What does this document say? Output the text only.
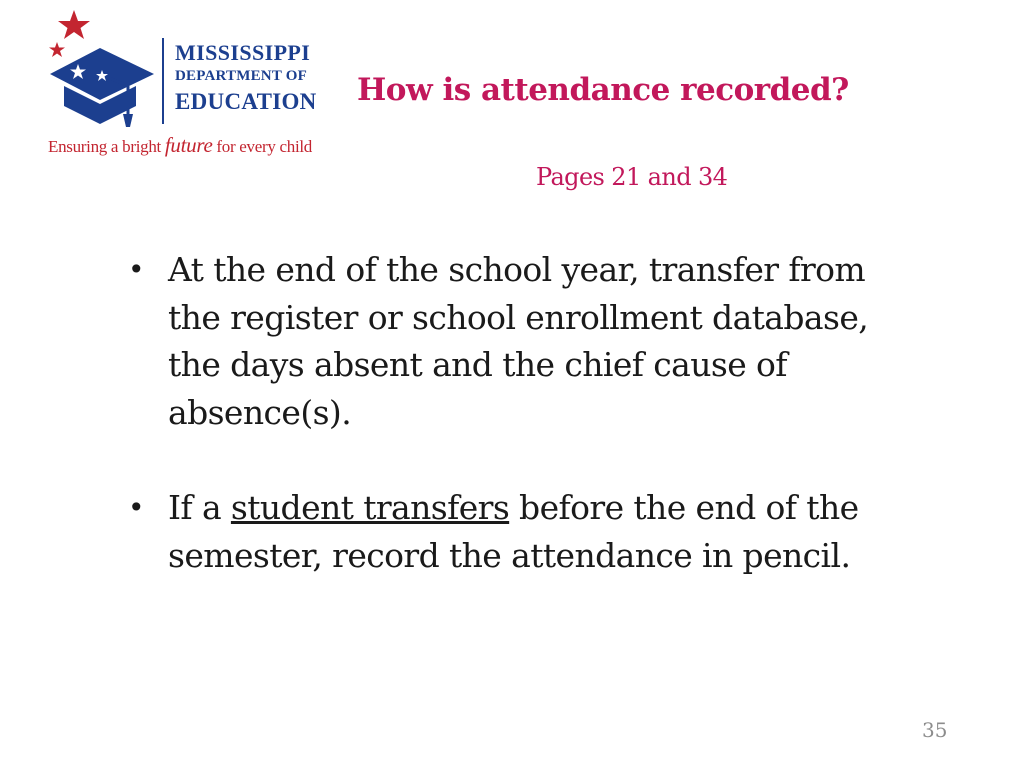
MISSISSIPPI
DEPARTMENT OF
EDUCATION
Ensuring a bright future for every child
How is attendance recorded?
Pages 21 and 34
• At the end of the school year, transfer from the register or school enrollment database, the days absent and the chief cause of absence(s).
• If a student transfers before the end of the semester, record the attendance in pencil.
35
